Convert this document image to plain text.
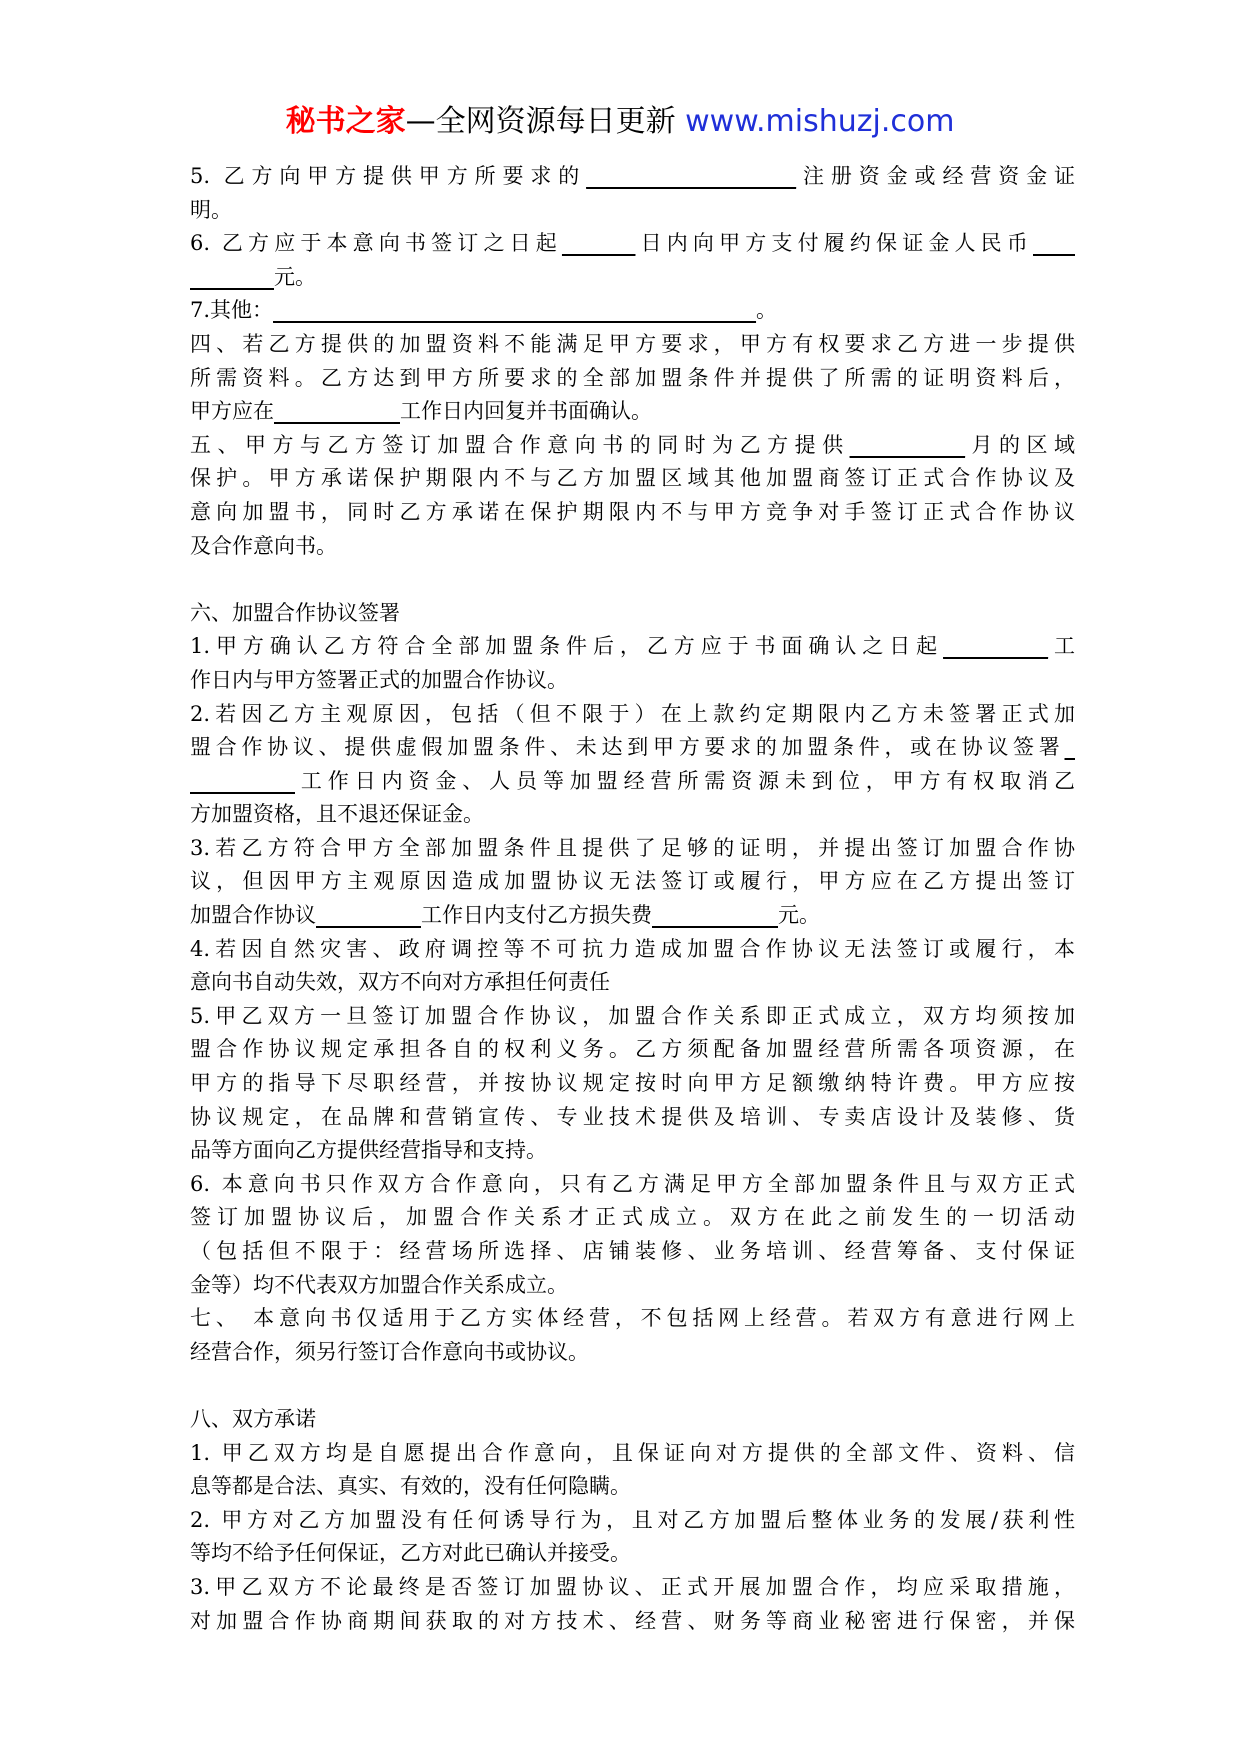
秘书之家—全网资源每日更新 www.mishuzj.com
5. 乙方向甲方提供甲方所要求的____________________注册资金或经营资金证
明。
6. 乙方应于本意向书签订之日起_______日内向甲方支付履约保证金人民币____
________元。
7.其他：______________________________________________。
四、若乙方提供的加盟资料不能满足甲方要求，甲方有权要求乙方进一步提供
所需资料。乙方达到甲方所要求的全部加盟条件并提供了所需的证明资料后，
甲方应在____________工作日内回复并书面确认。
五、甲方与乙方签订加盟合作意向书的同时为乙方提供___________月的区域
保护。甲方承诺保护期限内不与乙方加盟区域其他加盟商签订正式合作协议及
意向加盟书，同时乙方承诺在保护期限内不与甲方竞争对手签订正式合作协议
及合作意向书。
六、加盟合作协议签署
1.甲方确认乙方符合全部加盟条件后，乙方应于书面确认之日起__________工
作日内与甲方签署正式的加盟合作协议。
2.若因乙方主观原因，包括（但不限于）在上款约定期限内乙方未签署正式加
盟合作协议、提供虚假加盟条件、未达到甲方要求的加盟条件，或在协议签署_
__________工作日内资金、人员等加盟经营所需资源未到位，甲方有权取消乙
方加盟资格，且不退还保证金。
3.若乙方符合甲方全部加盟条件且提供了足够的证明，并提出签订加盟合作协
议，但因甲方主观原因造成加盟协议无法签订或履行，甲方应在乙方提出签订
加盟合作协议__________工作日内支付乙方损失费____________元。
4.若因自然灾害、政府调控等不可抗力造成加盟合作协议无法签订或履行，本
意向书自动失效，双方不向对方承担任何责任
5.甲乙双方一旦签订加盟合作协议，加盟合作关系即正式成立，双方均须按加
盟合作协议规定承担各自的权利义务。乙方须配备加盟经营所需各项资源，在
甲方的指导下尽职经营，并按协议规定按时向甲方足额缴纳特许费。甲方应按
协议规定，在品牌和营销宣传、专业技术提供及培训、专卖店设计及装修、货
品等方面向乙方提供经营指导和支持。
6. 本意向书只作双方合作意向，只有乙方满足甲方全部加盟条件且与双方正式
签订加盟协议后，加盟合作关系才正式成立。双方在此之前发生的一切活动
（包括但不限于：经营场所选择、店铺装修、业务培训、经营筹备、支付保证
金等）均不代表双方加盟合作关系成立。
七、 本意向书仅适用于乙方实体经营，不包括网上经营。若双方有意进行网上
经营合作，须另行签订合作意向书或协议。
八、双方承诺
1. 甲乙双方均是自愿提出合作意向，且保证向对方提供的全部文件、资料、信
息等都是合法、真实、有效的，没有任何隐瞒。
2. 甲方对乙方加盟没有任何诱导行为，且对乙方加盟后整体业务的发展/获利性
等均不给予任何保证，乙方对此已确认并接受。
3.甲乙双方不论最终是否签订加盟协议、正式开展加盟合作，均应采取措施，
对加盟合作协商期间获取的对方技术、经营、财务等商业秘密进行保密，并保
